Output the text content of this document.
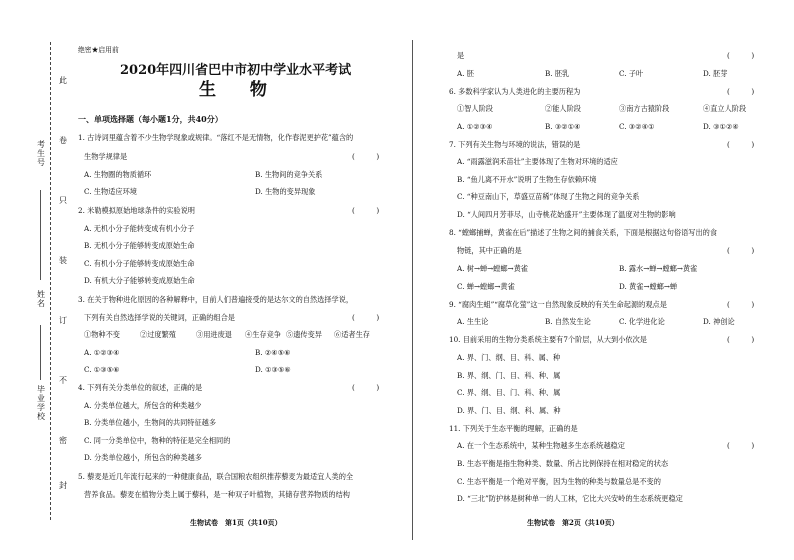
考生号
姓名
毕业学校
此
卷
只
装
订
不
密
封
绝密★启用前
2020年四川省巴中市初中学业水平考试
生 物
一、单项选择题（每小题1分，共40分）
1. 古诗词里蕴含着不少生物学现象或规律。“落红不是无情物，化作春泥更护花”蕴含的
生物学规律是	(　　　)
A. 生物圈的物质循环	B. 生物间的竞争关系
C. 生物适应环境	D. 生物的变异现象
2. 米勒模拟原始地球条件的实验说明	(　　　)
A. 无机小分子能转变成有机小分子
B. 无机小分子能够转变成原始生命
C. 有机小分子能够转变成原始生命
D. 有机大分子能够转变成原始生命
3. 在关于物种进化原因的各种解释中，目前人们普遍接受的是达尔文的自然选择学说，
下列有关自然选择学说的关键词，正确的组合是	(　　　)
①物种不变	②过度繁殖	③用进废退 ④生存竞争 ⑤遗传变异 ⑥适者生存
A. ①②③④	B. ②④⑤⑥
C. ①③⑤⑥	D. ①③⑤⑥
4. 下列有关分类单位的叙述，正确的是	(　　　)
A. 分类单位越大，所包含的种类越少
B. 分类单位越小，生物间的共同特征越多
C. 同一分类单位中，物种的特征是完全相同的
D. 分类单位越小，所包含的种类越多
5. 藜麦是近几年流行起来的一种健康食品，联合国粮农组织推荐藜麦为最适宜人类的全
营养食品。藜麦在植物分类上属于藜科，是一种双子叶植物，其储存营养物质的结构
生物试卷　第1页（共10页）
是	(　　　)
A. 胚	B. 胚乳	C. 子叶	D. 胚芽
6. 多数科学家认为人类进化的主要历程为	(　　　)
①智人阶段	②能人阶段	③南方古猿阶段	④直立人阶段
A. ①②③④	B. ③②①④	C. ③②④①	D. ③①②④
7. 下列有关生物与环境的说法，错误的是	(　　　)
A. “雨露滋润禾苗壮”主要体现了生物对环境的适应
B. “鱼儿离不开水”说明了生物生存依赖环境
C. “种豆南山下，草盛豆苗稀”体现了生物之间的竞争关系
D. “人间四月芳菲尽，山寺桃花始盛开”主要体现了温度对生物的影响
8. “螳螂捕蝉，黄雀在后”描述了生物之间的捕食关系，下面是根据这句俗语写出的食
物链，其中正确的是	(　　　)
A. 树→蝉→螳螂→黄雀	B. 露水→蝉→螳螂→黄雀
C. 蝉→螳螂→黄雀	D. 黄雀→螳螂→蝉
9. “腐肉生蛆”“腐草化萤”这一自然现象反映的有关生命起源的观点是	(　　　)
A. 生生论	B. 自然发生论	C. 化学进化论	D. 神创论
10. 目前采用的生物分类系统主要有7个阶层，从大到小依次是	(　　　)
A. 界、门、纲、目、科、属、种
B. 界、纲、门、目、科、种、属
C. 界、纲、目、门、科、种、属
D. 界、门、目、纲、科、属、种
11. 下列关于生态平衡的理解，正确的是
(　　　)
A. 在一个生态系统中，某种生物越多生态系统越稳定
B. 生态平衡是指生物种类、数量、所占比例保持在相对稳定的状态
C. 生态平衡是一个绝对平衡，因为生物的种类与数量总是不变的
D. “三北”防护林是树种单一的人工林，它比大兴安岭的生态系统更稳定
生物试卷　第2页（共10页）
